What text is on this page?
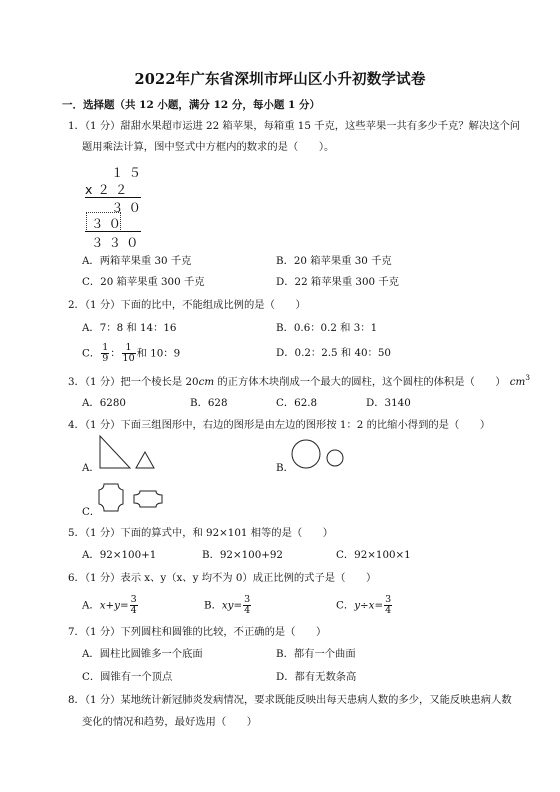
2022年广东省深圳市坪山区小升初数学试卷
一．选择题（共 12 小题，满分 12 分，每小题 1 分）
1．（1 分）甜甜水果超市运进 22 箱苹果，每箱重 15 千克，这些苹果一共有多少千克？解决这个问
题用乘法计算，图中竖式中方框内的数求的是（　　）。
１５
x２２
３０
３０
３３０
A．两箱苹果重 30 千克	B．20 箱苹果重 30 千克
C．20 箱苹果重 300 千克	D．22 箱苹果重 300 千克
2．（1 分）下面的比中，不能组成比例的是（　　）
A．7：8 和 14：16	B．0.6：0.2 和 3：1
C． $\frac{1}{9}$ ： $\frac{1}{10}$ 和 10：9	D．0.2：2.5 和 40：50
3．（1 分）把一个棱长是 20cm 的正方体木块削成一个最大的圆柱，这个圆柱的体积是（　　） $cm^3$
A．6280	B．628	C．62.8	D．3140
4．（1 分）下面三组图形中，右边的图形是由左边的图形按 1：2 的比缩小得到的是（　　）
A．	B．
C．
5．（1 分）下面的算式中，和 92×101 相等的是（　　）
A．92×100+1	B．92×100+92	C．92×100×1
6．（1 分）表示 x、y（x、y 均不为 0）成正比例的式子是（　　）
A．$x+y= \frac{3}{4}$	B．$xy= \frac{3}{4}$	C．$y\div x= \frac{3}{4}$
7．（1 分）下列圆柱和圆锥的比较，不正确的是（　　）
A．圆柱比圆锥多一个底面	B．都有一个曲面
C．圆锥有一个顶点	D．都有无数条高
8．（1 分）某地统计新冠肺炎发病情况，要求既能反映出每天患病人数的多少，又能反映患病人数
变化的情况和趋势，最好选用（　　）
